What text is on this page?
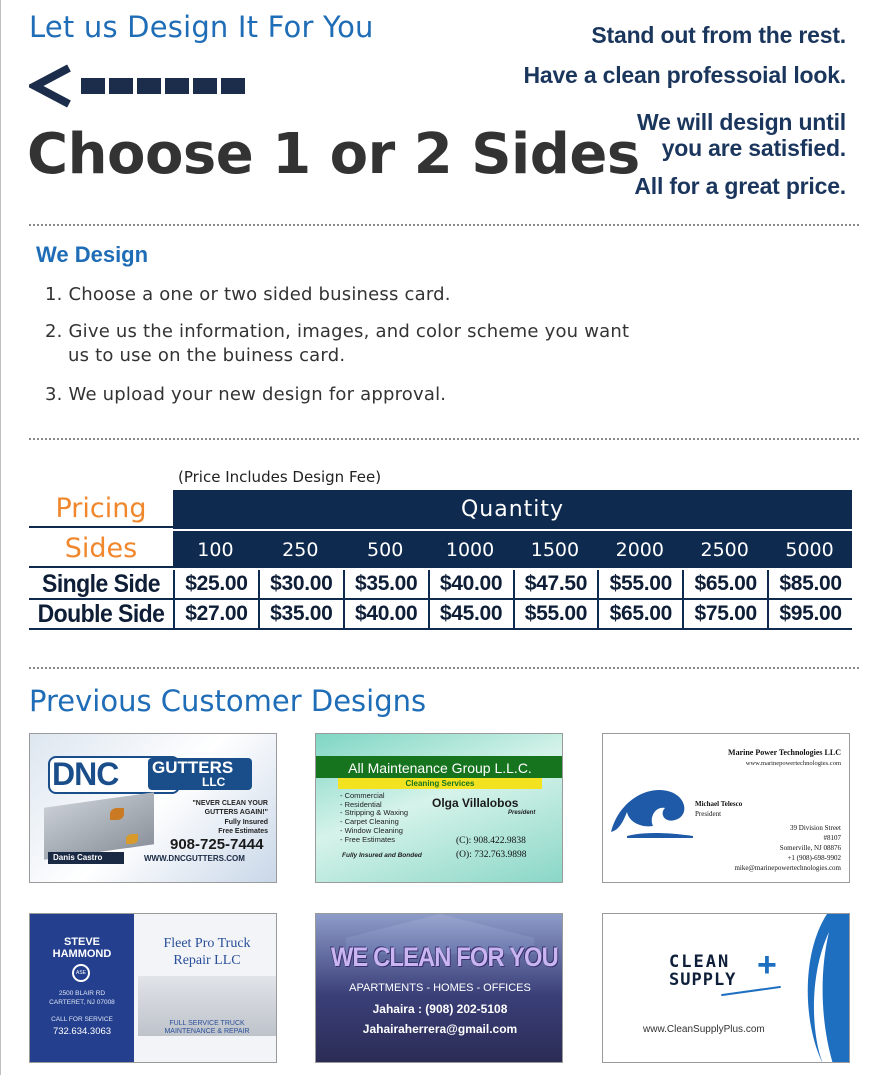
Let us Design It For You
Choose 1 or 2 Sides
Stand out from the rest.
Have a clean professoial look.
We will design until
you are satisfied.
All for a great price.
We Design
1. Choose a one or two sided business card.
2. Give us the information, images, and color scheme you want
us to use on the buiness card.
3. We upload your new design for approval.
(Price Includes Design Fee)
Pricing	Quantity
Sides	100	250	500	1000	1500	2000	2500	5000
Single Side	$25.00	$30.00	$35.00	$40.00	$47.50	$55.00	$65.00	$85.00
Double Side $27.00	$35.00	$40.00	$45.00	$55.00	$65.00	$75.00	$95.00
Previous Customer Designs
DNC GUTTERS
LLC
"NEVER CLEAN YOUR
GUTTERS AGAIN!"
Fully Insured
Free Estimates
908-725-7444
Danis Castro	WWW.DNCGUTTERS.COM
All Maintenance Group L.L.C.
Cleaning Services
- Commercial
- Residential
- Stripping & Waxing
- Carpet Cleaning
- Window Cleaning
- Free Estimates
Olga Villalobos
President
(C): 908.422.9838
(O): 732.763.9898
Fully Insured and Bonded
Marine Power Technologies LLC
www.marinepowertechnologies.com
Michael Telesco
President
39 Division Street
#8107
Somerville, NJ 08876
+1 (908)-698-9902
mike@marinepowertechnologies.com
STEVE
HAMMOND
ASE
2500 BLAIR RD
CARTERET, NJ 07008
CALL FOR SERVICE
732.634.3063
Fleet Pro Truck
Repair LLC
FULL SERVICE TRUCK
MAINTENANCE & REPAIR
WE CLEAN FOR YOU
APARTMENTS - HOMES - OFFICES
Jahaira : (908) 202-5108
Jahairaherrera@gmail.com
CLEAN
SUPPLY +
www.CleanSupplyPlus.com
